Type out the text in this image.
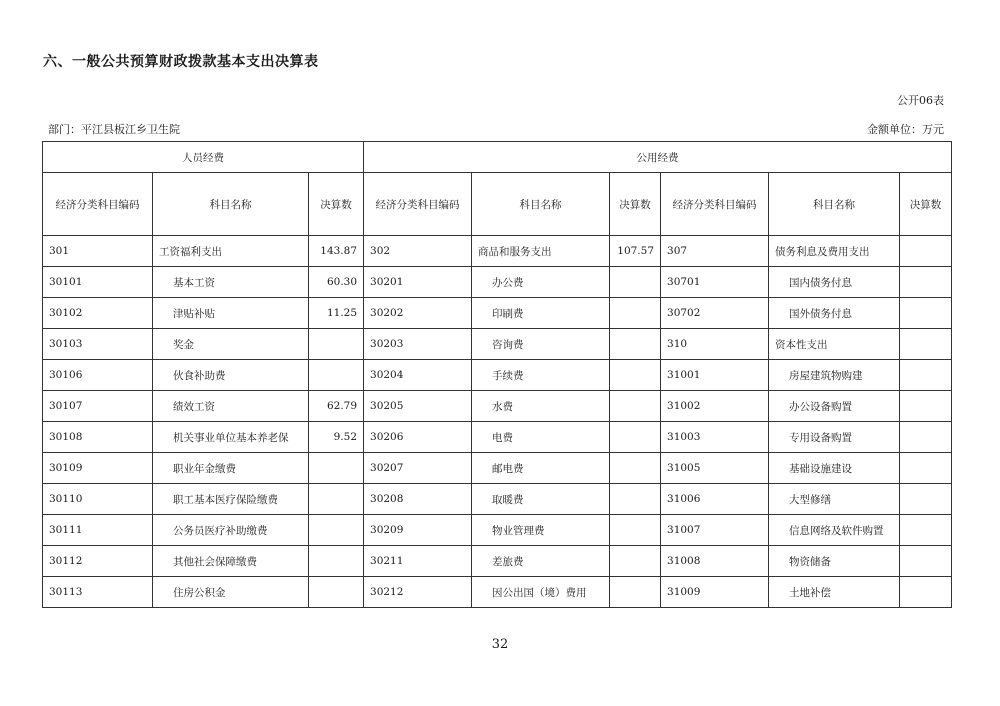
六、一般公共预算财政拨款基本支出决算表
公开06表
部门：平江县板江乡卫生院	金额单位：万元
人员经费			公用经费					
经济分类科目编码	科目名称	决算数	经济分类科目编码	科目名称	决算数	经济分类科目编码	科目名称	决算数
301	工资福利支出	143.87	302	商品和服务支出	107.57	307	债务利息及费用支出	
30101	基本工资	60.30	30201	办公费		30701	国内债务付息	
30102	津贴补贴	11.25	30202	印刷费		30702	国外债务付息	
30103	奖金		30203	咨询费		310	资本性支出	
30106	伙食补助费		30204	手续费		31001	房屋建筑物购建	
30107	绩效工资	62.79	30205	水费		31002	办公设备购置	
30108	机关事业单位基本养老保	9.52	30206	电费		31003	专用设备购置	
30109	职业年金缴费		30207	邮电费		31005	基础设施建设	
30110	职工基本医疗保险缴费		30208	取暖费		31006	大型修缮	
30111	公务员医疗补助缴费		30209	物业管理费		31007	信息网络及软件购置	
30112	其他社会保障缴费		30211	差旅费		31008	物资储备	
30113	住房公积金		30212	因公出国（境）费用		31009	土地补偿	
32
